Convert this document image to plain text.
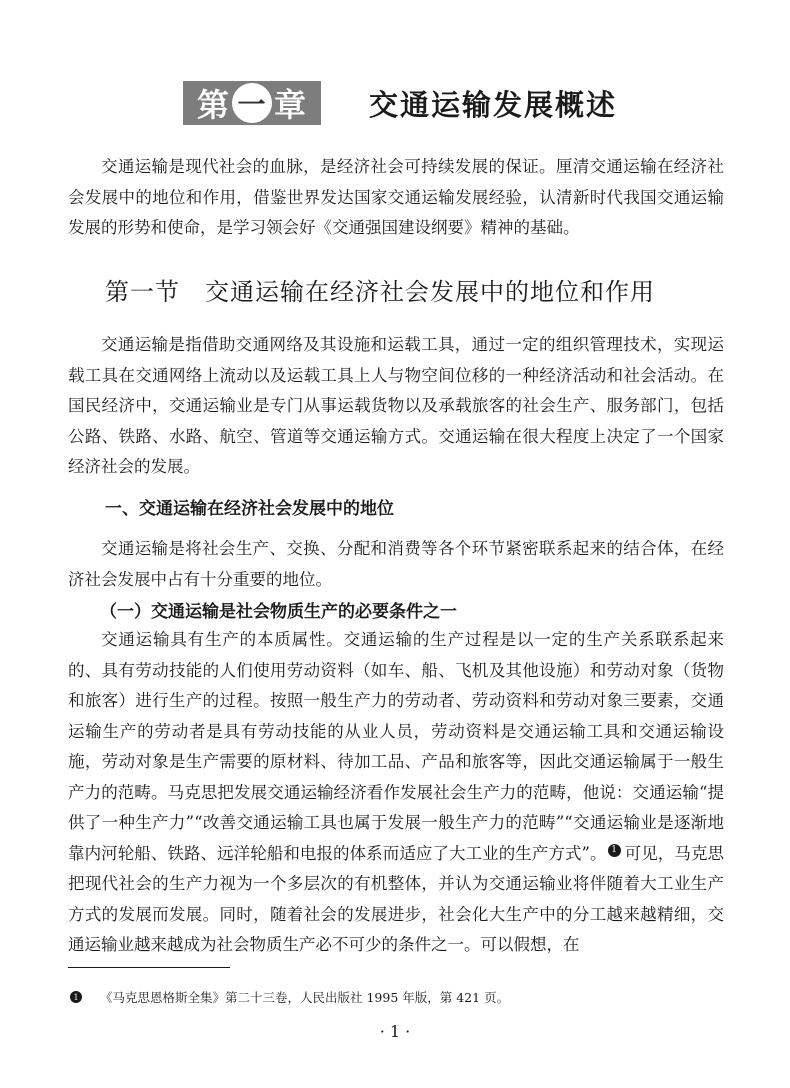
第 一 章 交通运输发展概述

交通运输是现代社会的血脉，是经济社会可持续发展的保证。厘清交通运输在经济社会发展中的地位和作用，借鉴世界发达国家交通运输发展经验，认清新时代我国交通运输发展的形势和使命，是学习领会好《交通强国建设纲要》精神的基础。

第一节　交通运输在经济社会发展中的地位和作用

交通运输是指借助交通网络及其设施和运载工具，通过一定的组织管理技术，实现运载工具在交通网络上流动以及运载工具上人与物空间位移的一种经济活动和社会活动。在国民经济中，交通运输业是专门从事运载货物以及承载旅客的社会生产、服务部门，包括公路、铁路、水路、航空、管道等交通运输方式。交通运输在很大程度上决定了一个国家经济社会的发展。

一、交通运输在经济社会发展中的地位

交通运输是将社会生产、交换、分配和消费等各个环节紧密联系起来的结合体，在经济社会发展中占有十分重要的地位。

（一）交通运输是社会物质生产的必要条件之一

交通运输具有生产的本质属性。交通运输的生产过程是以一定的生产关系联系起来的、具有劳动技能的人们使用劳动资料（如车、船、飞机及其他设施）和劳动对象（货物和旅客）进行生产的过程。按照一般生产力的劳动者、劳动资料和劳动对象三要素，交通运输生产的劳动者是具有劳动技能的从业人员，劳动资料是交通运输工具和交通运输设施，劳动对象是生产需要的原材料、待加工品、产品和旅客等，因此交通运输属于一般生产力的范畴。马克思把发展交通运输经济看作发展社会生产力的范畴，他说：交通运输“提供了一种生产力”“改善交通运输工具也属于发展一般生产力的范畴”“交通运输业是逐渐地靠内河轮船、铁路、远洋轮船和电报的体系而适应了大工业的生产方式”。 1 可见，马克思把现代社会的生产力视为一个多层次的有机整体，并认为交通运输业将伴随着大工业生产方式的发展而发展。同时，随着社会的发展进步，社会化大生产中的分工越来越精细，交通运输业越来越成为社会物质生产必不可少的条件之一。可以假想，在

1 《马克思恩格斯全集》第二十三卷，人民出版社 1995 年版，第 421 页。
· 1 ·
